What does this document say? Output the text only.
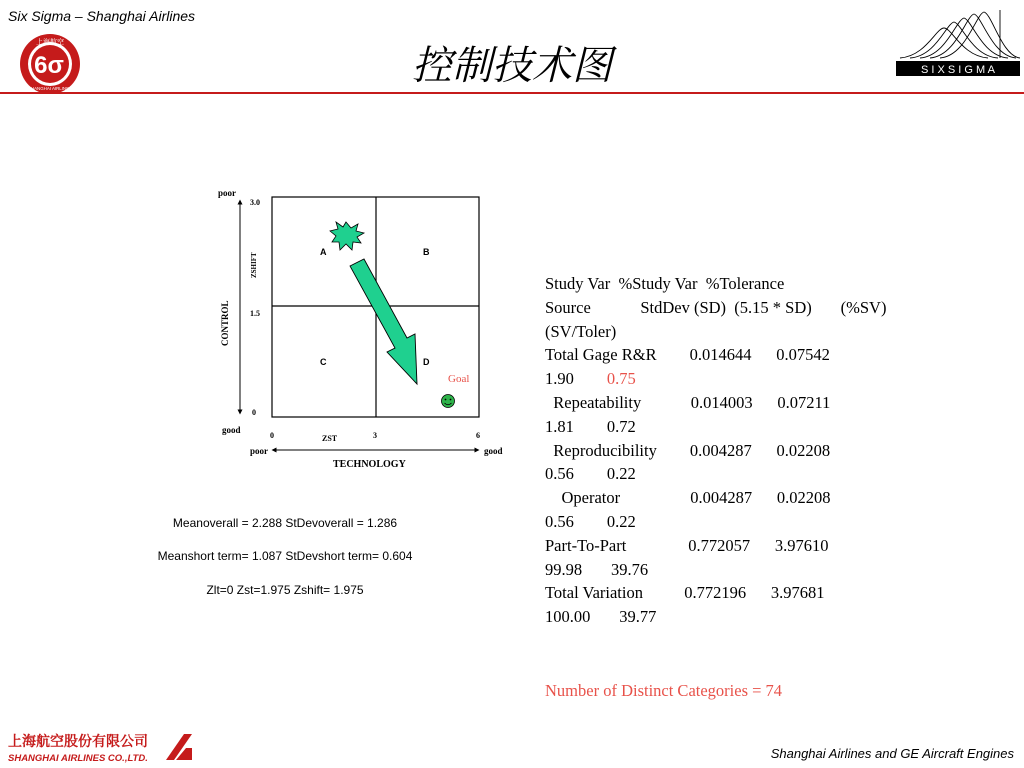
Six Sigma – Shanghai Airlines
上海航空
6σ
SHANGHAI AIRLINES	控制技术图	S I X S I G M A
poor
good
3.0
1.5
0
CONTROL
ZSHIFT
0	3	6
ZST
poor	good
TECHNOLOGY
A	B
C	D
Goal
Meanoverall = 2.288 StDevoverall = 1.286
Meanshort term= 1.087 StDevshort term= 0.604
Zlt=0 Zst=1.975 Zshift= 1.975
Study Var  %Study Var  %Tolerance
Source            StdDev (SD)  (5.15 * SD)       (%SV)
(SV/Toler)
Total Gage R&R        0.014644      0.07542
1.90        0.75
Repeatability            0.014003      0.07211
1.81        0.72
Reproducibility        0.004287      0.02208
0.56        0.22
Operator                 0.004287      0.02208
0.56        0.22
Part-To-Part               0.772057      3.97610
99.98       39.76
Total Variation          0.772196      3.97681
100.00       39.77
Number of Distinct Categories = 74
上海航空股份有限公司
SHANGHAI AIRLINES CO.,LTD.	Shanghai Airlines and GE Aircraft Engines
